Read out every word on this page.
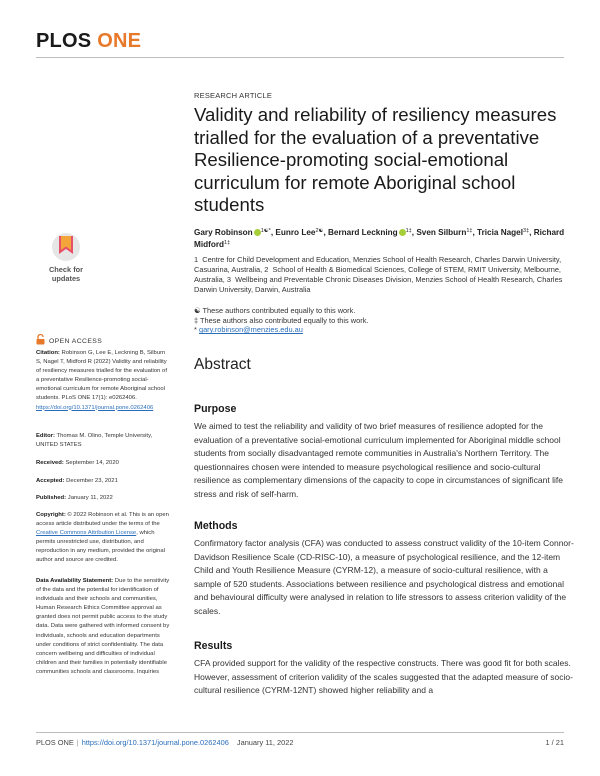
PLOS ONE
RESEARCH ARTICLE
Validity and reliability of resiliency measures trialled for the evaluation of a preventative Resilience-promoting social-emotional curriculum for remote Aboriginal school students
Gary Robinson $^{1☯*}$, Eunro Lee$^{2☯}$, Bernard Leckning $^{1\ddagger}$, Sven Silburn$^{1\ddagger}$, Tricia Nagel$^{3\ddagger}$, Richard Midford$^{1\ddagger}$
1 Centre for Child Development and Education, Menzies School of Health Research, Charles Darwin University, Casuarina, Australia, 2 School of Health & Biomedical Sciences, College of STEM, RMIT University, Melbourne, Australia, 3 Wellbeing and Preventable Chronic Diseases Division, Menzies School of Health Research, Charles Darwin University, Darwin, Australia
☯ These authors contributed equally to this work.
‡ These authors also contributed equally to this work.
* gary.robinson@menzies.edu.au
Check for
updates
OPEN ACCESS
Citation: Robinson G, Lee E, Leckning B, Silburn S, Nagel T, Midford R (2022) Validity and reliability of resiliency measures trialled for the evaluation of a preventative Resilience-promoting social-emotional curriculum for remote Aboriginal school students. PLoS ONE 17(1): e0262406. https://doi.org/10.1371/journal.pone.0262406
Editor: Thomas M. Olino, Temple University, UNITED STATES
Received: September 14, 2020
Accepted: December 23, 2021
Published: January 11, 2022
Copyright: © 2022 Robinson et al. This is an open access article distributed under the terms of the Creative Commons Attribution License, which permits unrestricted use, distribution, and reproduction in any medium, provided the original author and source are credited.
Data Availability Statement: Due to the sensitivity of the data and the potential for identification of individuals and their schools and communities, Human Research Ethics Committee approval as granted does not permit public access to the study data. Data were gathered with informed consent by individuals, schools and education departments under conditions of strict confidentiality. The data concern wellbeing and difficulties of individual children and their families in potentially identifiable communities schools and classrooms. Inquiries
Abstract
Purpose
We aimed to test the reliability and validity of two brief measures of resilience adopted for the evaluation of a preventative social-emotional curriculum implemented for Aboriginal middle school students from socially disadvantaged remote communities in Australia's Northern Territory. The questionnaires chosen were intended to measure psychological resilience and socio-cultural resilience as complementary dimensions of the capacity to cope in circumstances of significant life stress and risk of self-harm.
Methods
Confirmatory factor analysis (CFA) was conducted to assess construct validity of the 10-item Connor-Davidson Resilience Scale (CD-RISC-10), a measure of psychological resilience, and the 12-item Child and Youth Resilience Measure (CYRM-12), a measure of socio-cultural resilience, with a sample of 520 students. Associations between resilience and psychological distress and emotional and behavioural difficulty were analysed in relation to life stressors to assess criterion validity of the scales.
Results
CFA provided support for the validity of the respective constructs. There was good fit for both scales. However, assessment of criterion validity of the scales suggested that the adapted measure of socio-cultural resilience (CYRM-12NT) showed higher reliability and a
PLOS ONE | https://doi.org/10.1371/journal.pone.0262406 January 11, 2022	1 / 21
